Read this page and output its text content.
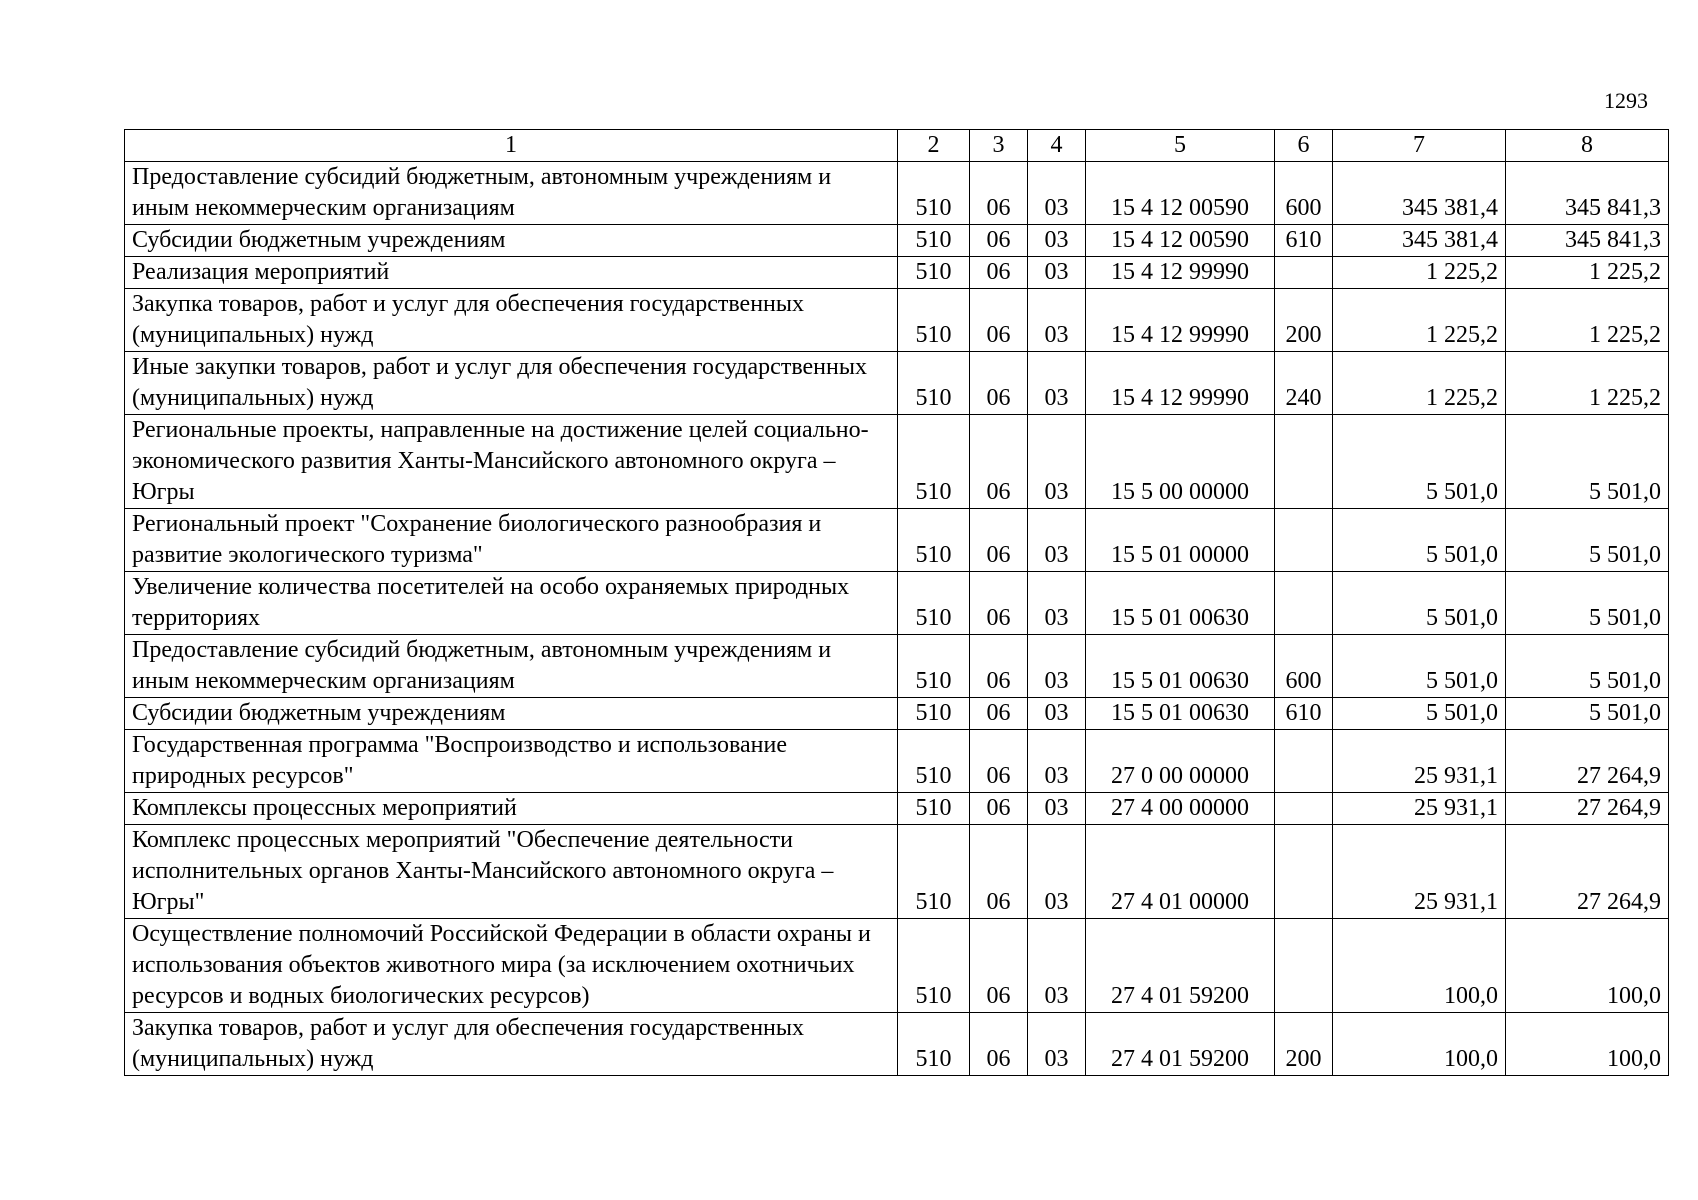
1293
1	2	3	4	5	6	7	8
Предоставление субсидий бюджетным, автономным учреждениям и иным некоммерческим организациям	510	06	03	15 4 12 00590	600	345 381,4	345 841,3
Субсидии бюджетным учреждениям	510	06	03	15 4 12 00590	610	345 381,4	345 841,3
Реализация мероприятий	510	06	03	15 4 12 99990		1 225,2	1 225,2
Закупка товаров, работ и услуг для обеспечения государственных (муниципальных) нужд	510	06	03	15 4 12 99990	200	1 225,2	1 225,2
Иные закупки товаров, работ и услуг для обеспечения государственных (муниципальных) нужд	510	06	03	15 4 12 99990	240	1 225,2	1 225,2
Региональные проекты, направленные на достижение целей социально-экономического развития Ханты-Мансийского автономного округа – Югры	510	06	03	15 5 00 00000		5 501,0	5 501,0
Региональный проект "Сохранение биологического разнообразия и развитие экологического туризма"	510	06	03	15 5 01 00000		5 501,0	5 501,0
Увеличение количества посетителей на особо охраняемых природных территориях	510	06	03	15 5 01 00630		5 501,0	5 501,0
Предоставление субсидий бюджетным, автономным учреждениям и иным некоммерческим организациям	510	06	03	15 5 01 00630	600	5 501,0	5 501,0
Субсидии бюджетным учреждениям	510	06	03	15 5 01 00630	610	5 501,0	5 501,0
Государственная программа "Воспроизводство и использование природных ресурсов"	510	06	03	27 0 00 00000		25 931,1	27 264,9
Комплексы процессных мероприятий	510	06	03	27 4 00 00000		25 931,1	27 264,9
Комплекс процессных мероприятий "Обеспечение деятельности исполнительных органов Ханты-Мансийского автономного округа – Югры"	510	06	03	27 4 01 00000		25 931,1	27 264,9
Осуществление полномочий Российской Федерации в области охраны и использования объектов животного мира (за исключением охотничьих ресурсов и водных биологических ресурсов)	510	06	03	27 4 01 59200		100,0	100,0
Закупка товаров, работ и услуг для обеспечения государственных (муниципальных) нужд	510	06	03	27 4 01 59200	200	100,0	100,0
